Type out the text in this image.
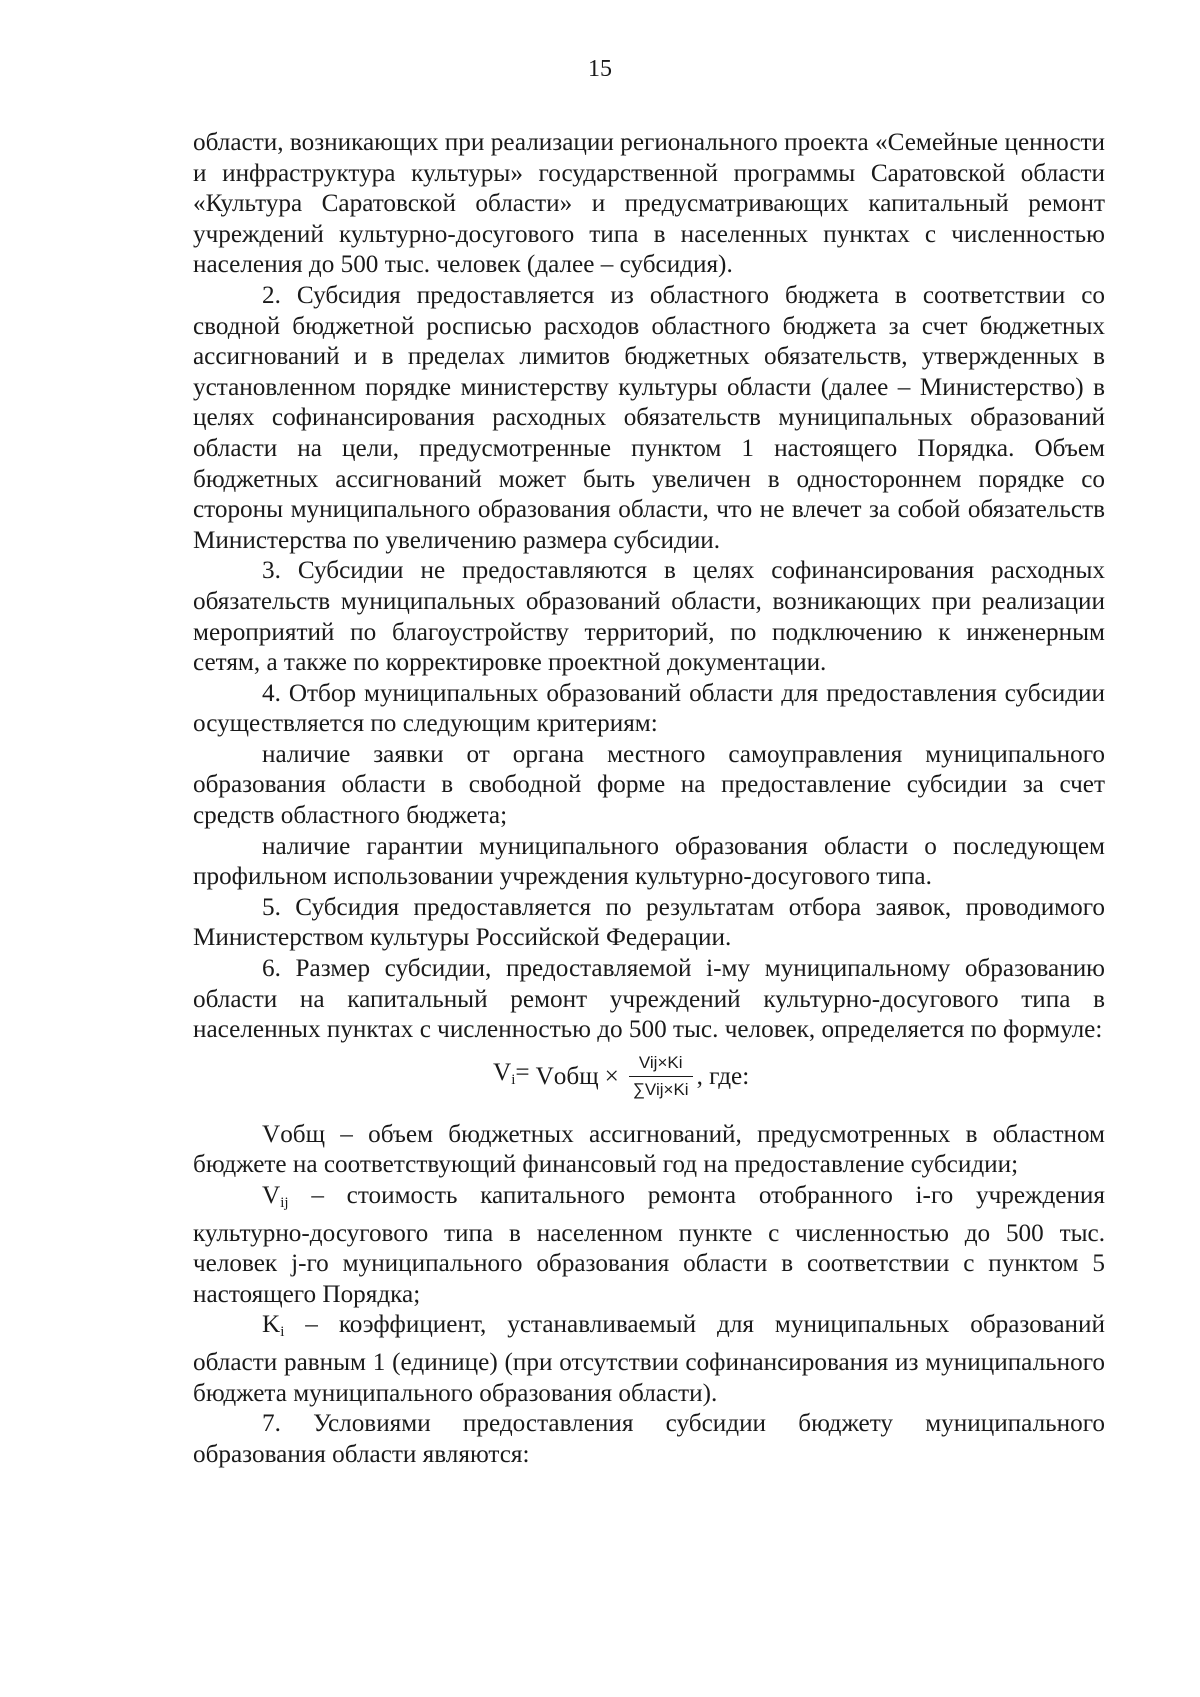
15

области, возникающих при реализации регионального проекта «Семейные ценности и инфраструктура культуры» государственной программы Саратовской области «Культура Саратовской области» и предусматривающих капитальный ремонт учреждений культурно-досугового типа в населенных пунктах с численностью населения до 500 тыс. человек (далее – субсидия).

2. Субсидия предоставляется из областного бюджета в соответствии со сводной бюджетной росписью расходов областного бюджета за счет бюджетных ассигнований и в пределах лимитов бюджетных обязательств, утвержденных в установленном порядке министерству культуры области (далее – Министерство) в целях софинансирования расходных обязательств муниципальных образований области на цели, предусмотренные пунктом 1 настоящего Порядка. Объем бюджетных ассигнований может быть увеличен в одностороннем порядке со стороны муниципального образования области, что не влечет за собой обязательств Министерства по увеличению размера субсидии.

3. Субсидии не предоставляются в целях софинансирования расходных обязательств муниципальных образований области, возникающих при реализации мероприятий по благоустройству территорий, по подключению к инженерным сетям, а также по корректировке проектной документации.

4. Отбор муниципальных образований области для предоставления субсидии осуществляется по следующим критериям:

наличие заявки от органа местного самоуправления муниципального образования области в свободной форме на предоставление субсидии за счет средств областного бюджета;

наличие гарантии муниципального образования области о последующем профильном использовании учреждения культурно-досугового типа.

5. Субсидия предоставляется по результатам отбора заявок, проводимого Министерством культуры Российской Федерации.

6. Размер субсидии, предоставляемой i-му муниципальному образованию области на капитальный ремонт учреждений культурно-досугового типа в населенных пунктах с численностью до 500 тыс. человек, определяется по формуле:

$V_i=$ Vобщ × $\frac{\text{Vij×Ki}}{\text{∑Vij×Ki}}$ , где:

Vобщ – объем бюджетных ассигнований, предусмотренных в областном бюджете на соответствующий финансовый год на предоставление субсидии;

$V_{ij}$ – стоимость капитального ремонта отобранного i-го учреждения культурно-досугового типа в населенном пункте с численностью до 500 тыс. человек j-го муниципального образования области в соответствии с пунктом 5 настоящего Порядка;

$K_i$ – коэффициент, устанавливаемый для муниципальных образований области равным 1 (единице) (при отсутствии софинансирования из муниципального бюджета муниципального образования области).

7. Условиями предоставления субсидии бюджету муниципального образования области являются:
